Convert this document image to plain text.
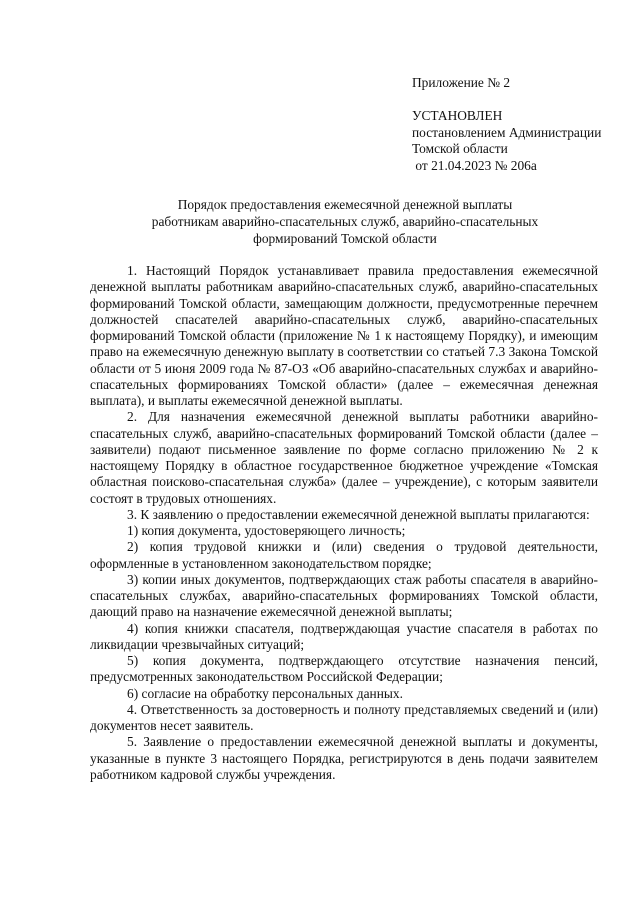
Приложение № 2
УСТАНОВЛЕН
постановлением Администрации
Томской области
от 21.04.2023 № 206а
Порядок предоставления ежемесячной денежной выплаты
работникам аварийно-спасательных служб, аварийно-спасательных
формирований Томской области

1. Настоящий Порядок устанавливает правила предоставления ежемесячной денежной выплаты работникам аварийно-спасательных служб, аварийно-спасательных формирований Томской области, замещающим должности, предусмотренные перечнем должностей спасателей аварийно-спасательных служб, аварийно-спасательных формирований Томской области (приложение № 1 к настоящему Порядку), и имеющим право на ежемесячную денежную выплату в соответствии со статьей 7.3 Закона Томской области от 5 июня 2009 года № 87-ОЗ «Об аварийно-спасательных службах и аварийно-спасательных формированиях Томской области» (далее – ежемесячная денежная выплата), и выплаты ежемесячной денежной выплаты.

2. Для назначения ежемесячной денежной выплаты работники аварийно-спасательных служб, аварийно-спасательных формирований Томской области (далее – заявители) подают письменное заявление по форме согласно приложению № 2 к настоящему Порядку в областное государственное бюджетное учреждение «Томская областная поисково-спасательная служба» (далее – учреждение), с которым заявители состоят в трудовых отношениях.

3. К заявлению о предоставлении ежемесячной денежной выплаты прилагаются:

1) копия документа, удостоверяющего личность;

2) копия трудовой книжки и (или) сведения о трудовой деятельности, оформленные в установленном законодательством порядке;

3) копии иных документов, подтверждающих стаж работы спасателя в аварийно-спасательных службах, аварийно-спасательных формированиях Томской области, дающий право на назначение ежемесячной денежной выплаты;

4) копия книжки спасателя, подтверждающая участие спасателя в работах по ликвидации чрезвычайных ситуаций;

5) копия документа, подтверждающего отсутствие назначения пенсий, предусмотренных законодательством Российской Федерации;

6) согласие на обработку персональных данных.

4. Ответственность за достоверность и полноту представляемых сведений и (или) документов несет заявитель.

5. Заявление о предоставлении ежемесячной денежной выплаты и документы, указанные в пункте 3 настоящего Порядка, регистрируются в день подачи заявителем работником кадровой службы учреждения.
